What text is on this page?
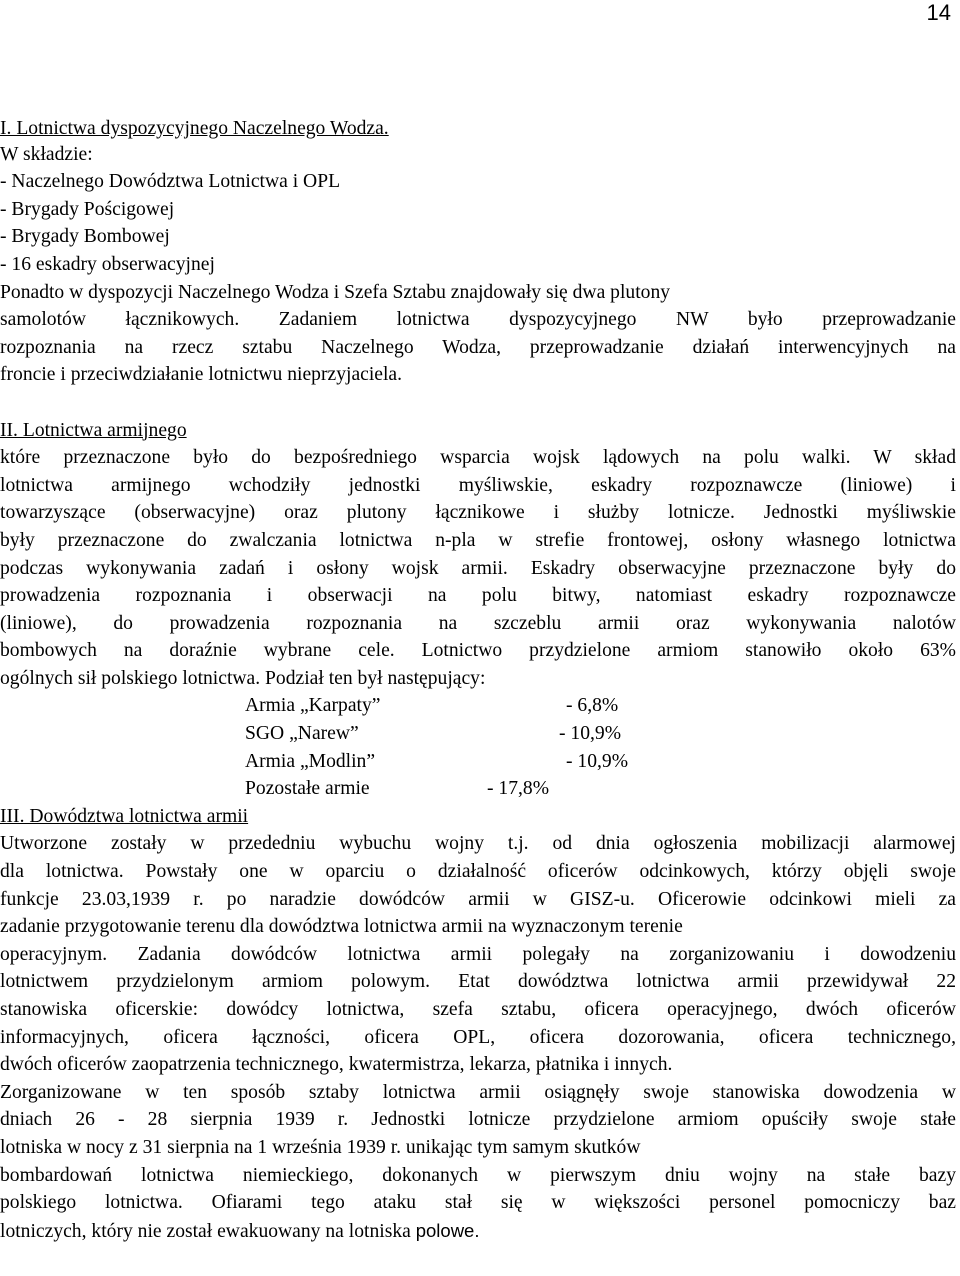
14
I. Lotnictwa dyspozycyjnego Naczelnego Wodza.
W składzie:
- Naczelnego Dowództwa Lotnictwa i OPL
- Brygady Pościgowej
- Brygady Bombowej
- 16 eskadry obserwacyjnej
Ponadto w dyspozycji Naczelnego Wodza i Szefa Sztabu znajdowały się dwa plutony
samolotów łącznikowych. Zadaniem lotnictwa dyspozycyjnego NW było przeprowadzanie
rozpoznania na rzecz sztabu Naczelnego Wodza, przeprowadzanie działań interwencyjnych na
froncie i przeciwdziałanie lotnictwu nieprzyjaciela.
II. Lotnictwa armijnego
które przeznaczone było do bezpośredniego wsparcia wojsk lądowych na polu walki. W skład
lotnictwa armijnego wchodziły jednostki myśliwskie, eskadry rozpoznawcze (liniowe) i
towarzyszące (obserwacyjne) oraz plutony łącznikowe i służby lotnicze. Jednostki myśliwskie
były przeznaczone do zwalczania lotnictwa n-pla w strefie frontowej, osłony własnego lotnictwa
podczas wykonywania zadań i osłony wojsk armii. Eskadry obserwacyjne przeznaczone były do
prowadzenia rozpoznania i obserwacji na polu bitwy, natomiast eskadry rozpoznawcze
(liniowe), do prowadzenia rozpoznania na szczeblu armii oraz wykonywania nalotów
bombowych na doraźnie wybrane cele. Lotnictwo przydzielone armiom stanowiło około 63%
ogólnych sił polskiego lotnictwa. Podział ten był następujący:
Armia „Karpaty”	- 6,8%
SGO „Narew”	- 10,9%
Armia „Modlin”	- 10,9%
Pozostałe armie	- 17,8%
III. Dowództwa lotnictwa armii
Utworzone zostały w przededniu wybuchu wojny t.j. od dnia ogłoszenia mobilizacji alarmowej
dla lotnictwa. Powstały one w oparciu o działalność oficerów odcinkowych, którzy objęli swoje
funkcje 23.03,1939 r. po naradzie dowódców armii w GISZ-u. Oficerowie odcinkowi mieli za
zadanie przygotowanie terenu dla dowództwa lotnictwa armii na wyznaczonym terenie
operacyjnym. Zadania dowódców lotnictwa armii polegały na zorganizowaniu i dowodzeniu
lotnictwem przydzielonym armiom polowym. Etat dowództwa lotnictwa armii przewidywał 22
stanowiska oficerskie: dowódcy lotnictwa, szefa sztabu, oficera operacyjnego, dwóch oficerów
informacyjnych, oficera łączności, oficera OPL, oficera dozorowania, oficera technicznego,
dwóch oficerów zaopatrzenia technicznego, kwatermistrza, lekarza, płatnika i innych.
Zorganizowane w ten sposób sztaby lotnictwa armii osiągnęły swoje stanowiska dowodzenia w
dniach 26 - 28 sierpnia 1939 r. Jednostki lotnicze przydzielone armiom opuściły swoje stałe
lotniska w nocy z 31 sierpnia na 1 września 1939 r. unikając tym samym skutków
bombardowań lotnictwa niemieckiego, dokonanych w pierwszym dniu wojny na stałe bazy
polskiego lotnictwa. Ofiarami tego ataku stał się w większości personel pomocniczy baz
lotniczych, który nie został ewakuowany na lotniska polowe.
